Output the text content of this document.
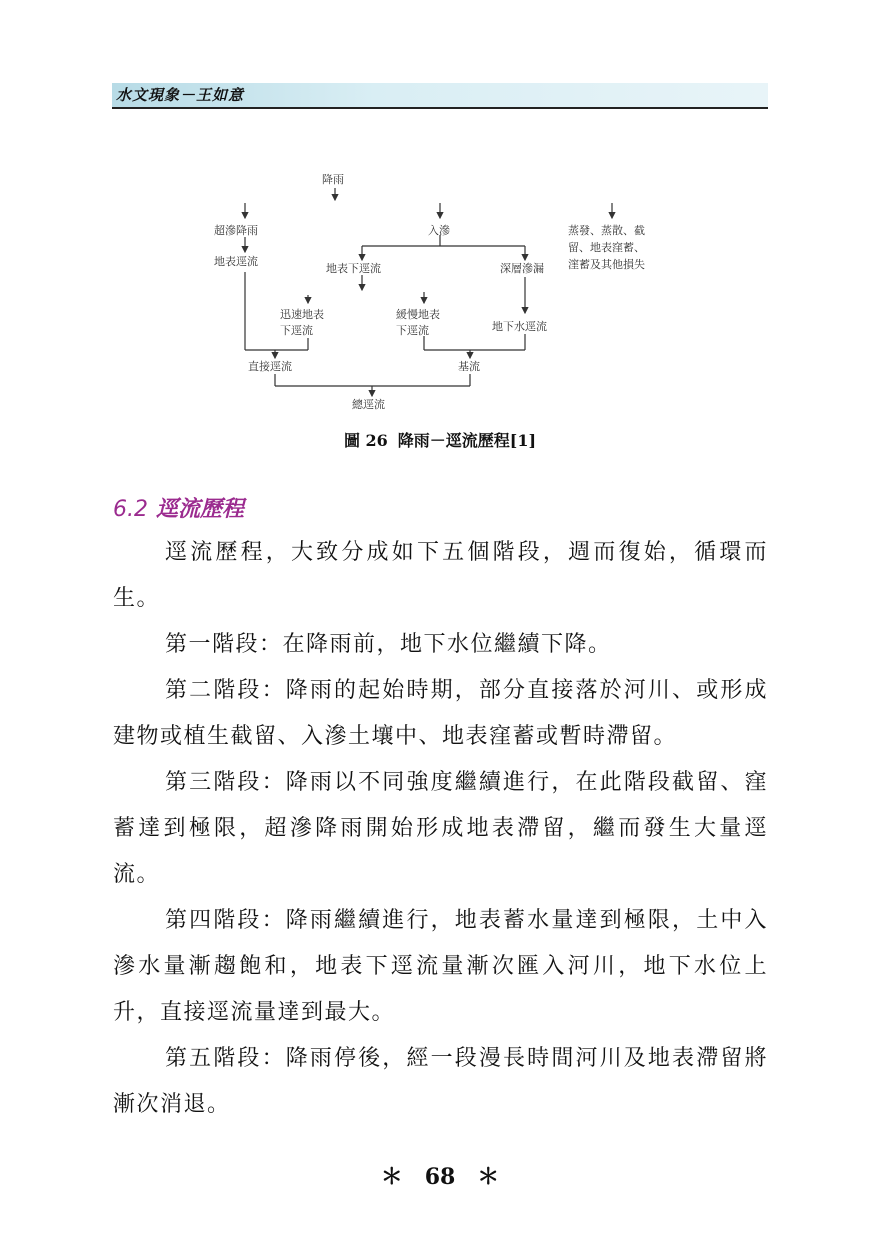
水文現象－王如意
降雨
超滲降雨
地表逕流
入滲	蒸發、蒸散、截
留、地表窪蓄、
漥蓄及其他損失
地表下逕流	深層滲漏
迅速地表
下逕流
緩慢地表
下逕流	地下水逕流
直接逕流	基流
總逕流
圖 26 降雨－逕流歷程[1]
6.2 逕流歷程
逕流歷程，大致分成如下五個階段，週而復始，循環而生。
第一階段：在降雨前，地下水位繼續下降。
第二階段：降雨的起始時期，部分直接落於河川、或形成建物或植生截留、入滲土壤中、地表窪蓄或暫時滯留。
第三階段：降雨以不同強度繼續進行，在此階段截留、窪蓄達到極限，超滲降雨開始形成地表滯留，繼而發生大量逕流。
第四階段：降雨繼續進行，地表蓄水量達到極限，土中入滲水量漸趨飽和，地表下逕流量漸次匯入河川，地下水位上升，直接逕流量達到最大。
第五階段：降雨停後，經一段漫長時間河川及地表滯留將漸次消退。
＊　68　＊
